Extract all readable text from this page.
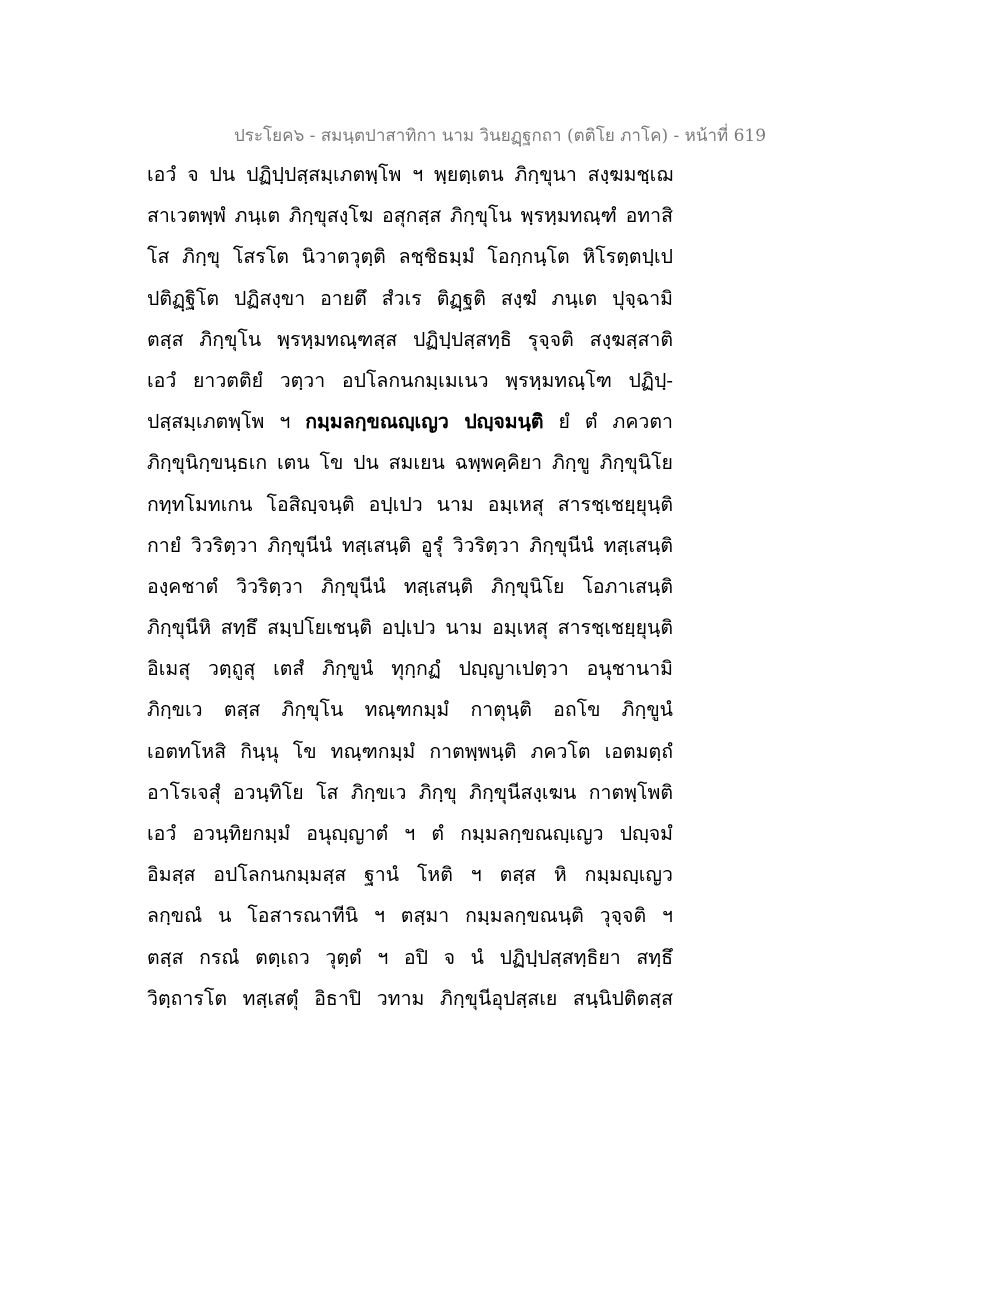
ประโยค๖ - สมนฺตปาสาทิกา นาม วินยฏฺฐกถา (ตติโย ภาโค) - หน้าที่ 619
เอวํ จ ปน ปฏิปฺปสฺสมฺเภตพฺโพ ฯ พฺยตฺเตน ภิกฺขุนา สงฺฆมชฺเฌ
สาเวตพฺพํ ภนฺเต ภิกฺขุสงฺโฆ อสุกสฺส ภิกฺขุโน พฺรหฺมทณฺฑํ อทาสิ
โส ภิกฺขุ โสรโต นิวาตวุตฺติ ลชฺชิธมฺมํ โอกฺกนฺโต หิโรตฺตปฺเป
ปติฏฺฐิโต ปฏิสงฺขา อายตึ สํวเร ติฏฺฐติ สงฺฆํ ภนฺเต ปุจฺฉามิ
ตสฺส ภิกฺขุโน พฺรหฺมทณฺฑสฺส ปฏิปฺปสฺสทฺธิ รุจฺจติ สงฺฆสฺสาติ
เอวํ ยาวตติยํ วตฺวา อปโลกนกมฺเมเนว พฺรหฺมทณฺโฑ ปฏิปฺ-
ปสฺสมฺเภตพฺโพ ฯ กมฺมลกฺขณญฺเญว ปญฺจมนฺติ ยํ ตํ ภควตา
ภิกฺขุนิกฺขนฺธเก เตน โข ปน สมเยน ฉพฺพคฺคิยา ภิกฺขู ภิกฺขุนิโย
กทฺทโมทเกน โอสิญฺจนฺติ อปฺเปว นาม อมฺเหสุ สารชฺเชยฺยุนฺติ
กายํ วิวริตฺวา ภิกฺขุนีนํ ทสฺเสนฺติ อูรุํ วิวริตฺวา ภิกฺขุนีนํ ทสฺเสนฺติ
องฺคชาตํ วิวริตฺวา ภิกฺขุนีนํ ทสฺเสนฺติ ภิกฺขุนิโย โอภาเสนฺติ
ภิกฺขุนีหิ สทฺธึ สมฺปโยเชนฺติ อปฺเปว นาม อมฺเหสุ สารชฺเชยฺยุนฺติ
อิเมสุ วตฺถูสุ เตสํ ภิกฺขูนํ ทุกฺกฏํ ปญฺญาเปตฺวา อนุชานามิ
ภิกฺขเว ตสฺส ภิกฺขุโน ทณฺฑกมฺมํ กาตุนฺติ อถโข ภิกฺขูนํ
เอตทโหสิ กินฺนุ โข ทณฺฑกมฺมํ กาตพฺพนฺติ ภควโต เอตมตฺถํ
อาโรเจสุํ อวนฺทิโย โส ภิกฺขเว ภิกฺขุ ภิกฺขุนีสงฺเฆน กาตพฺโพติ
เอวํ อวนฺทิยกมฺมํ อนุญฺญาตํ ฯ ตํ กมฺมลกฺขณญฺเญว ปญฺจมํ
อิมสฺส อปโลกนกมฺมสฺส ฐานํ โหติ ฯ ตสฺส หิ กมฺมญฺเญว
ลกฺขณํ น โอสารณาทีนิ ฯ ตสฺมา กมฺมลกฺขณนฺติ วุจฺจติ ฯ
ตสฺส กรณํ ตตฺเถว วุตฺตํ ฯ อปิ จ นํ ปฏิปฺปสฺสทฺธิยา สทฺธึ
วิตฺถารโต ทสฺเสตุํ อิธาปิ วทาม ภิกฺขุนีอุปสฺสเย สนฺนิปติตสฺส
